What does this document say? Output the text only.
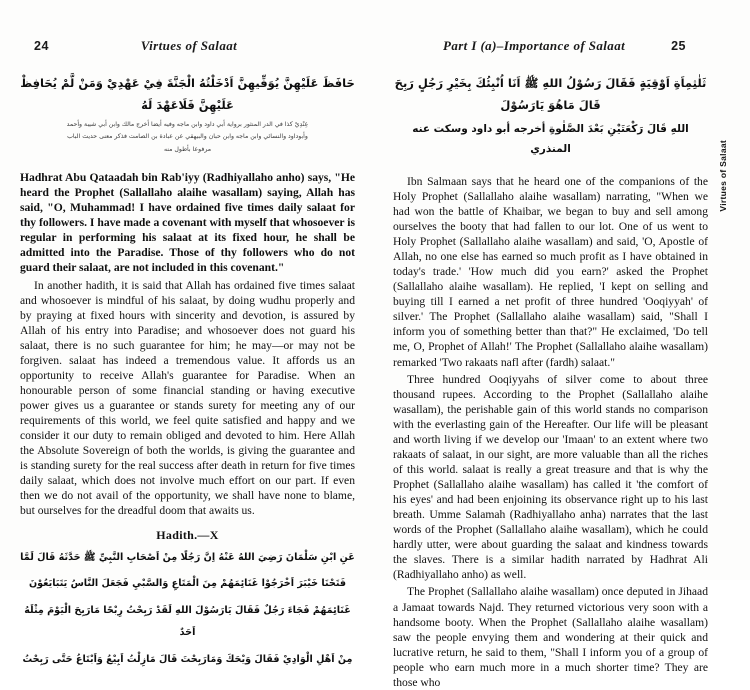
24	Virtues of Salaat

حَافَظَ عَلَيْهِنَّ يُوَفِّيهِنَّ اَدْخَلْتُهُ الْجَنَّةَ فِيْ عَهْدِيْ وَمَنْ لَّمْ يُحَافِظْ عَلَيْهِنَّ فَلَاعَهْدَ لَهُ

عِنْدِيْ كذا في الدر المنثور برواية أبي داود وابن ماجه وفيه أيضا أخرج مالك وابن أبي شيبة وأحمد

وأبوداود والنسائي وابن ماجه وابن حبان والبيهقي عن عبادة بن الصامت فذكر معنى حديث الباب

مرفوعا بأطول منه

Hadhrat Abu Qataadah bin Rab'iyy (Radhiyallaho anho) says, "He heard the Prophet (Sallallaho alaihe wasallam) saying, Allah has said, "O, Muhammad! I have ordained five times daily salaat for thy followers. I have made a covenant with myself that whosoever is regular in performing his salaat at its fixed hour, he shall be admitted into the Paradise. Those of thy followers who do not guard their salaat, are not included in this covenant."

In another hadith, it is said that Allah has ordained five times salaat and whosoever is mindful of his salaat, by doing wudhu properly and by praying at fixed hours with sincerity and devotion, is assured by Allah of his entry into Paradise; and whosoever does not guard his salaat, there is no such guarantee for him; he may—or may not be forgiven. salaat has indeed a tremendous value. It affords us an opportunity to receive Allah's guarantee for Paradise. When an honourable person of some financial standing or having executive power gives us a guarantee or stands surety for meeting any of our requirements of this world, we feel quite satisfied and happy and we consider it our duty to remain obliged and devoted to him. Here Allah the Absolute Sovereign of both the worlds, is giving the guarantee and is standing surety for the real success after death in return for five times daily salaat, which does not involve much effort on our part. If even then we do not avail of the opportunity, we shall have none to blame, but ourselves for the dreadful doom that awaits us.

Hadith.—X

عَنِ ابْنِ سَلْمَانَ رَضِيَ اللهُ عَنْهُ اِنَّ رَجُلًا مِنْ اَصْحَابِ النَّبِيِّ ﷺ حَدَّثَهُ قَالَ لَمَّا

فَتَحْنَا خَيْبَرَ اَخْرَجُوْا غَنَائِمَهُمْ مِنَ الْمَتَاعِ وَالسَّبْيِ فَجَعَلَ النَّاسُ يَتَبَايَعُوْنَ

غَنَائِمَهُمْ فَجَاءَ رَجُلٌ فَقَالَ يَارَسُوْلَ اللهِ لَقَدْ رَبِحْتُ رِبْحًا مَارَبِحَ الْيَوْمَ مِثْلَهُ اَحَدٌ

مِنْ اَهْلِ الْوَادِيْ فَقَالَ وَيْحَكَ وَمَارَبِحْتَ قَالَ مَازِلْتُ اَبِيْعُ وَاَبْتَاعُ حَتَّى رَبِحْتُ

Part I (a)–Importance of Salaat	25

ثَلٰثِمِاَةِ اَوْقِيَةٍ فَقَالَ رَسُوْلُ اللهِ ﷺ اَنَا اُنْبِئُكَ بِخَيْرِ رَجُلٍ رَبِحَ قَالَ مَاهُوَ يَارَسُوْلَ

اللهِ قَالَ رَكْعَتَيْنِ بَعْدَ الصَّلٰوةِ أخرجه أبو داود وسكت عنه المنذري

Ibn Salmaan says that he heard one of the companions of the Holy Prophet (Sallallaho alaihe wasallam) narrating, "When we had won the battle of Khaibar, we began to buy and sell among ourselves the booty that had fallen to our lot. One of us went to Holy Prophet (Sallallaho alaihe wasallam) and said, 'O, Apostle of Allah, no one else has earned so much profit as I have obtained in today's trade.' 'How much did you earn?' asked the Prophet (Sallallaho alaihe wasallam). He replied, 'I kept on selling and buying till I earned a net profit of three hundred 'Ooqiyyah' of silver.' The Prophet (Sallallaho alaihe wasallam) said, "Shall I inform you of something better than that?" He exclaimed, 'Do tell me, O, Prophet of Allah!' The Prophet (Sallallaho alaihe wasallam) remarked 'Two rakaats nafl after (fardh) salaat."

Three hundred Ooqiyyahs of silver come to about three thousand rupees. According to the Prophet (Sallallaho alaihe wasallam), the perishable gain of this world stands no comparison with the everlasting gain of the Hereafter. Our life will be pleasant and worth living if we develop our 'Imaan' to an extent where two rakaats of salaat, in our sight, are more valuable than all the riches of this world. salaat is really a great treasure and that is why the Prophet (Sallallaho alaihe wasallam) has called it 'the comfort of his eyes' and had been enjoining its observance right up to his last breath. Umme Salamah (Radhiyallaho anha) narrates that the last words of the Prophet (Sallallaho alaihe wasallam), which he could hardly utter, were about guarding the salaat and kindness towards the slaves. There is a similar hadith narrated by Hadhrat Ali (Radhiyallaho anho) as well.

The Prophet (Sallallaho alaihe wasallam) once deputed in Jihaad a Jamaat towards Najd. They returned victorious very soon with a handsome booty. When the Prophet (Sallallaho alaihe wasallam) saw the people envying them and wondering at their quick and lucrative return, he said to them, "Shall I inform you of a group of people who earn much more in a much shorter time? They are those who

Virtues of Salaat
